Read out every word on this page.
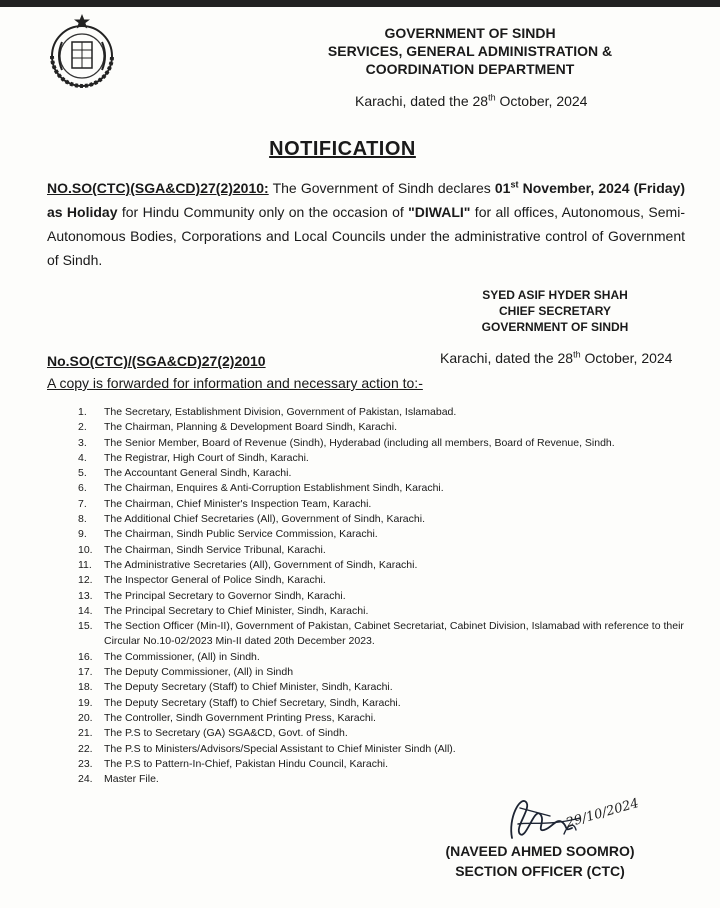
GOVERNMENT OF SINDH
SERVICES, GENERAL ADMINISTRATION &
COORDINATION DEPARTMENT
Karachi, dated the 28th October, 2024
NOTIFICATION
NO.SO(CTC)(SGA&CD)27(2)2010: The Government of Sindh declares 01st November, 2024 (Friday) as Holiday for Hindu Community only on the occasion of "DIWALI" for all offices, Autonomous, Semi-Autonomous Bodies, Corporations and Local Councils under the administrative control of Government of Sindh.
SYED ASIF HYDER SHAH
CHIEF SECRETARY
GOVERNMENT OF SINDH
No.SO(CTC)/(SGA&CD)27(2)2010	Karachi, dated the 28th October, 2024
A copy is forwarded for information and necessary action to:-
1.	The Secretary, Establishment Division, Government of Pakistan, Islamabad.
2.	The Chairman, Planning & Development Board Sindh, Karachi.
3.	The Senior Member, Board of Revenue (Sindh), Hyderabad (including all members, Board of Revenue, Sindh.
4.	The Registrar, High Court of Sindh, Karachi.
5.	The Accountant General Sindh, Karachi.
6.	The Chairman, Enquires & Anti-Corruption Establishment Sindh, Karachi.
7.	The Chairman, Chief Minister's Inspection Team, Karachi.
8.	The Additional Chief Secretaries (All), Government of Sindh, Karachi.
9.	The Chairman, Sindh Public Service Commission, Karachi.
10.	The Chairman, Sindh Service Tribunal, Karachi.
11.	The Administrative Secretaries (All), Government of Sindh, Karachi.
12.	The Inspector General of Police Sindh, Karachi.
13.	The Principal Secretary to Governor Sindh, Karachi.
14.	The Principal Secretary to Chief Minister, Sindh, Karachi.
15.	The Section Officer (Min-II), Government of Pakistan, Cabinet Secretariat, Cabinet Division, Islamabad with reference to their Circular No.10-02/2023 Min-II dated 20th December 2023.
16.	The Commissioner, (All) in Sindh.
17.	The Deputy Commissioner, (All) in Sindh
18.	The Deputy Secretary (Staff) to Chief Minister, Sindh, Karachi.
19.	The Deputy Secretary (Staff) to Chief Secretary, Sindh, Karachi.
20.	The Controller, Sindh Government Printing Press, Karachi.
21.	The P.S to Secretary (GA) SGA&CD, Govt. of Sindh.
22.	The P.S to Ministers/Advisors/Special Assistant to Chief Minister Sindh (All).
23.	The P.S to Pattern-In-Chief, Pakistan Hindu Council, Karachi.
24.	Master File.
29/10/2024
(NAVEED AHMED SOOMRO)
SECTION OFFICER (CTC)
